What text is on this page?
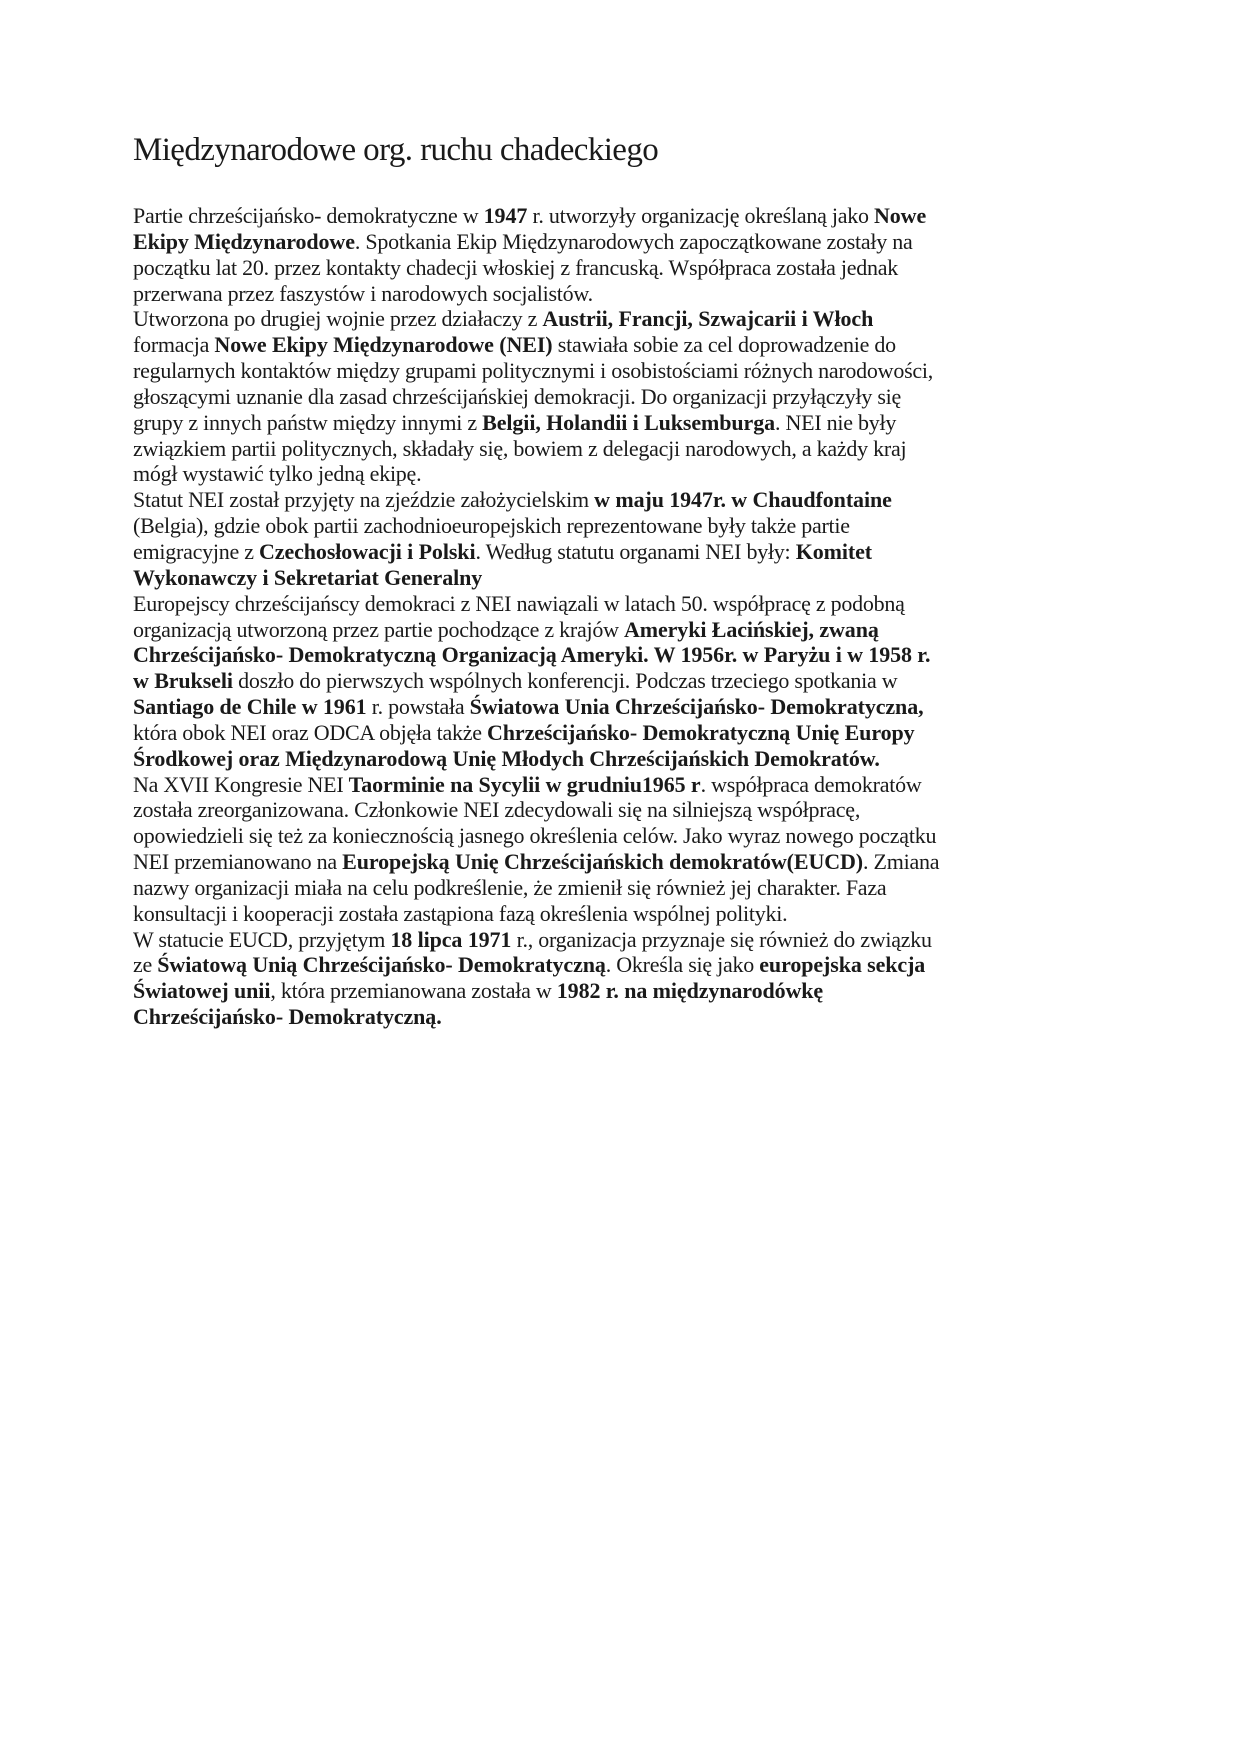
Międzynarodowe org. ruchu chadeckiego
Partie chrześcijańsko- demokratyczne w 1947 r. utworzyły organizację określaną jako Nowe
Ekipy Międzynarodowe. Spotkania Ekip Międzynarodowych zapoczątkowane zostały na
początku lat 20. przez kontakty chadecji włoskiej z francuską. Współpraca została jednak
przerwana przez faszystów i narodowych socjalistów.
Utworzona po drugiej wojnie przez działaczy z Austrii, Francji, Szwajcarii i Włoch
formacja Nowe Ekipy Międzynarodowe (NEI) stawiała sobie za cel doprowadzenie do
regularnych kontaktów między grupami politycznymi i osobistościami różnych narodowości,
głoszącymi uznanie dla zasad chrześcijańskiej demokracji. Do organizacji przyłączyły się
grupy z innych państw między innymi z Belgii, Holandii i Luksemburga. NEI nie były
związkiem partii politycznych, składały się, bowiem z delegacji narodowych, a każdy kraj
mógł wystawić tylko jedną ekipę.
Statut NEI został przyjęty na zjeździe założycielskim w maju 1947r. w Chaudfontaine
(Belgia), gdzie obok partii zachodnioeuropejskich reprezentowane były także partie
emigracyjne z Czechosłowacji i Polski. Według statutu organami NEI były: Komitet
Wykonawczy i Sekretariat Generalny
Europejscy chrześcijańscy demokraci z NEI nawiązali w latach 50. współpracę z podobną
organizacją utworzoną przez partie pochodzące z krajów Ameryki Łacińskiej, zwaną
Chrześcijańsko- Demokratyczną Organizacją Ameryki. W 1956r. w Paryżu i w 1958 r.
w Brukseli doszło do pierwszych wspólnych konferencji. Podczas trzeciego spotkania w
Santiago de Chile w 1961 r. powstała Światowa Unia Chrześcijańsko- Demokratyczna,
która obok NEI oraz ODCA objęła także Chrześcijańsko- Demokratyczną Unię Europy
Środkowej oraz Międzynarodową Unię Młodych Chrześcijańskich Demokratów.
Na XVII Kongresie NEI Taorminie na Sycylii w grudniu1965 r. współpraca demokratów
została zreorganizowana. Członkowie NEI zdecydowali się na silniejszą współpracę,
opowiedzieli się też za koniecznością jasnego określenia celów. Jako wyraz nowego początku
NEI przemianowano na Europejską Unię Chrześcijańskich demokratów(EUCD). Zmiana
nazwy organizacji miała na celu podkreślenie, że zmienił się również jej charakter. Faza
konsultacji i kooperacji została zastąpiona fazą określenia wspólnej polityki.
W statucie EUCD, przyjętym 18 lipca 1971 r., organizacja przyznaje się również do związku
ze Światową Unią Chrześcijańsko- Demokratyczną. Określa się jako europejska sekcja
Światowej unii, która przemianowana została w 1982 r. na międzynarodówkę
Chrześcijańsko- Demokratyczną.
